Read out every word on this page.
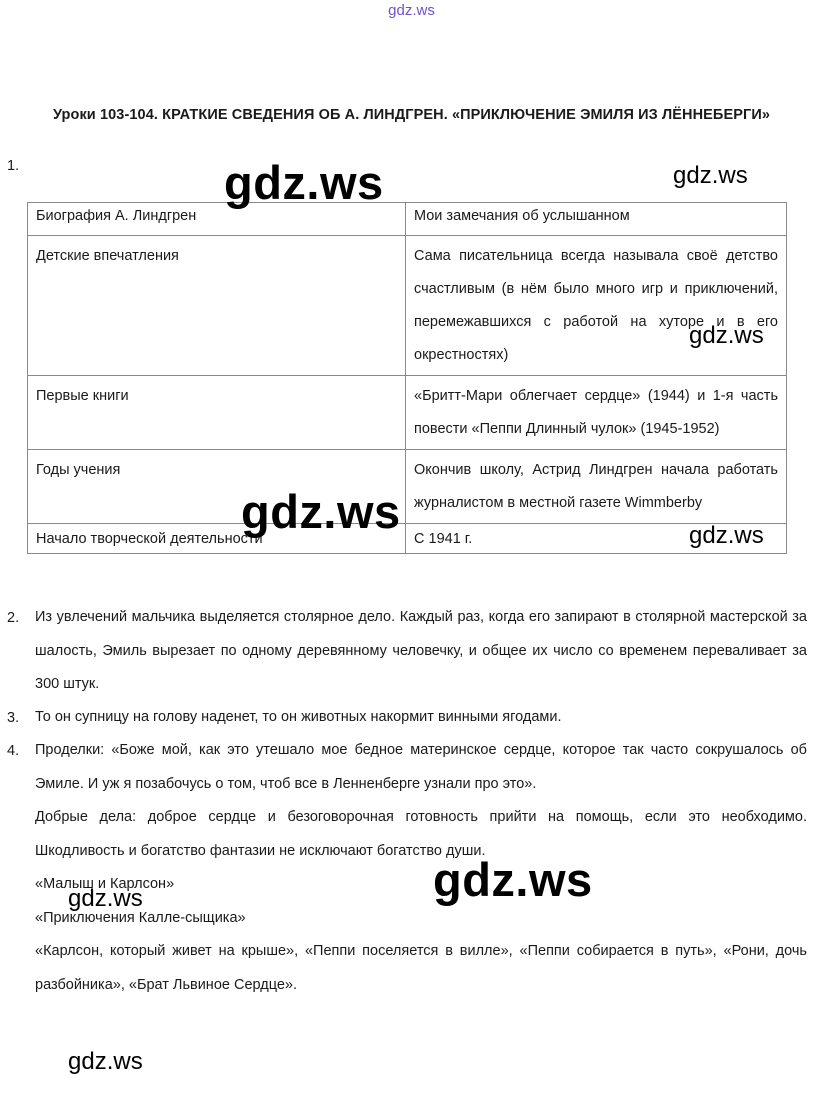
gdz.ws
Уроки 103-104. КРАТКИЕ СВЕДЕНИЯ ОБ А. ЛИНДГРЕН. «ПРИКЛЮЧЕНИЕ ЭМИЛЯ ИЗ ЛЁННЕБЕРГИ»
1.
2.
3.
4.
Биография А. Линдгрен	Мои замечания об услышанном
Детские впечатления	Сама писательница всегда называла своё детство счастливым (в нём было много игр и приключений, перемежавшихся с работой на хуторе и в его окрестностях)
Первые книги	«Бритт-Мари облегчает сердце» (1944) и 1-я часть повести «Пеппи Длинный чулок» (1945-1952)
Годы учения	Окончив школу, Астрид Линдгрен начала работать журналистом в местной газете Wimmberby
Начало творческой деятельности	С 1941 г.
Из увлечений мальчика выделяется столярное дело. Каждый раз, когда его запирают в столярной мастерской за шалость, Эмиль вырезает по одному деревянному человечку, и общее их число со временем переваливает за 300 штук.
То он супницу на голову наденет, то он животных накормит винными ягодами.
Проделки: «Боже мой, как это утешало мое бедное материнское сердце, которое так часто сокрушалось об Эмиле. И уж я позабочусь о том, чтоб все в Ленненберге узнали про это».
Добрые дела: доброе сердце и безоговорочная готовность прийти на помощь, если это необходимо. Шкодливость и богатство фантазии не исключают богатство души.
«Малыш и Карлсон»
«Приключения Калле-сыщика»
«Карлсон, который живет на крыше», «Пеппи поселяется в вилле», «Пеппи собирается в путь», «Рони, дочь разбойника», «Брат Львиное Сердце».
gdz.ws	gdz.ws
gdz.ws
gdz.ws	gdz.ws
gdz.ws
gdz.ws
gdz.ws
